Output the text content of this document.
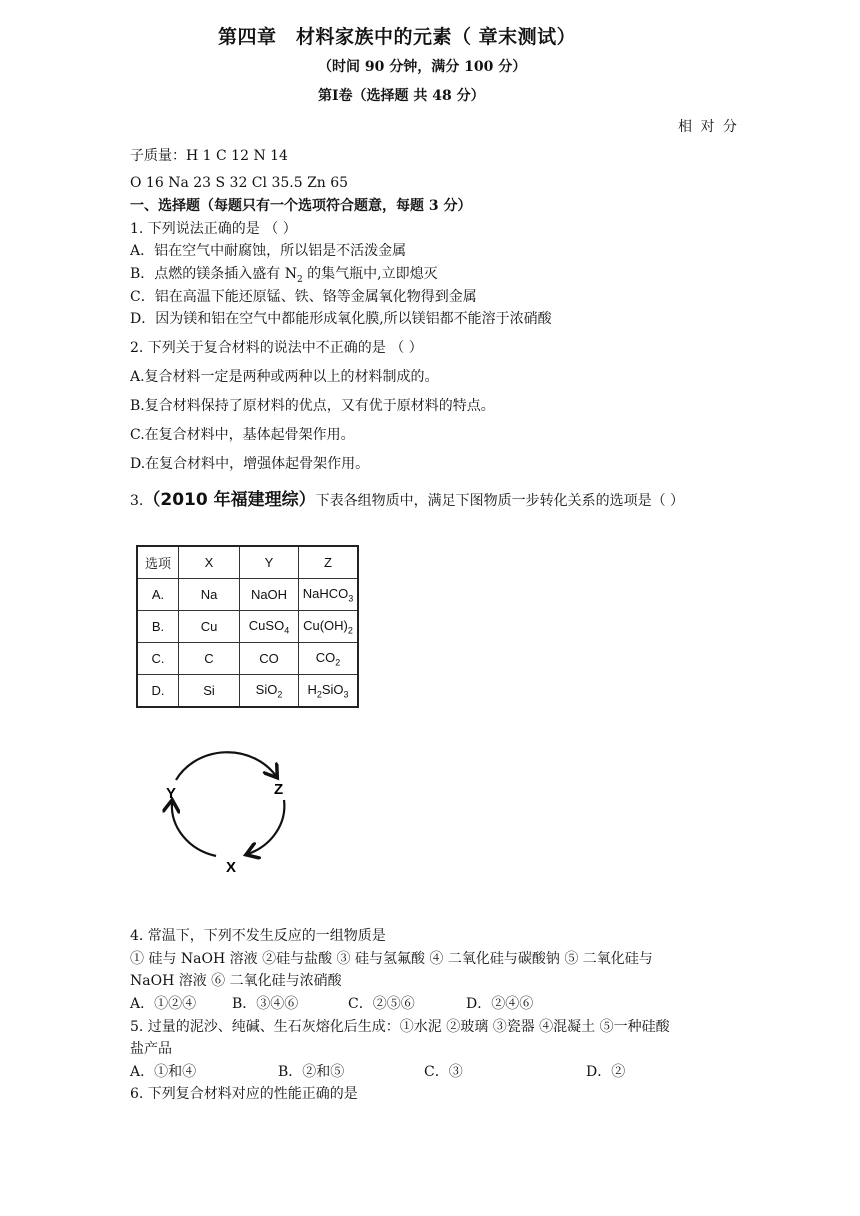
第四章　材料家族中的元素（ 章末测试）
（时间 90 分钟，满分 100 分）
第Ⅰ卷（选择题 共 48 分）
相 对 分
子质量：H 1 C 12 N 14
O 16 Na 23 S 32 Cl 35.5 Zn 65
一、选择题（每题只有一个选项符合题意，每题 3 分）
1. 下列说法正确的是 （ ）
A．铝在空气中耐腐蚀，所以铝是不活泼金属
B．点燃的镁条插入盛有 $N_2$ 的集气瓶中,立即熄灭
C．铝在高温下能还原锰、铁、铬等金属氧化物得到金属
D．因为镁和铝在空气中都能形成氧化膜,所以镁铝都不能溶于浓硝酸
2. 下列关于复合材料的说法中不正确的是 （ ）
A.复合材料一定是两种或两种以上的材料制成的。
B.复合材料保持了原材料的优点，又有优于原材料的特点。
C.在复合材料中，基体起骨架作用。
D.在复合材料中，增强体起骨架作用。
3.（2010 年福建理综）下表各组物质中，满足下图物质一步转化关系的选项是（ ）
选项	X	Y	Z
A.	Na	NaOH	NaHCO$_3$
B.	Cu	CuSO$_4$	$Cu(OH)_2$
C.	C	CO	$CO_2$
D.	Si	SiO$_2$	$H_2SiO_3$
Y	Z
X
4. 常温下，下列不发生反应的一组物质是
① 硅与 NaOH 溶液 ②硅与盐酸 ③ 硅与氢氟酸 ④ 二氧化硅与碳酸钠 ⑤ 二氧化硅与
NaOH 溶液 ⑥ 二氧化硅与浓硝酸
A．①②④	B．③④⑥	C．②⑤⑥	D．②④⑥
5. 过量的泥沙、纯碱、生石灰熔化后生成：①水泥 ②玻璃 ③瓷器 ④混凝土 ⑤一种硅酸
盐产品
A．①和④	B．②和⑤	C．③	D．②
6. 下列复合材料对应的性能正确的是
